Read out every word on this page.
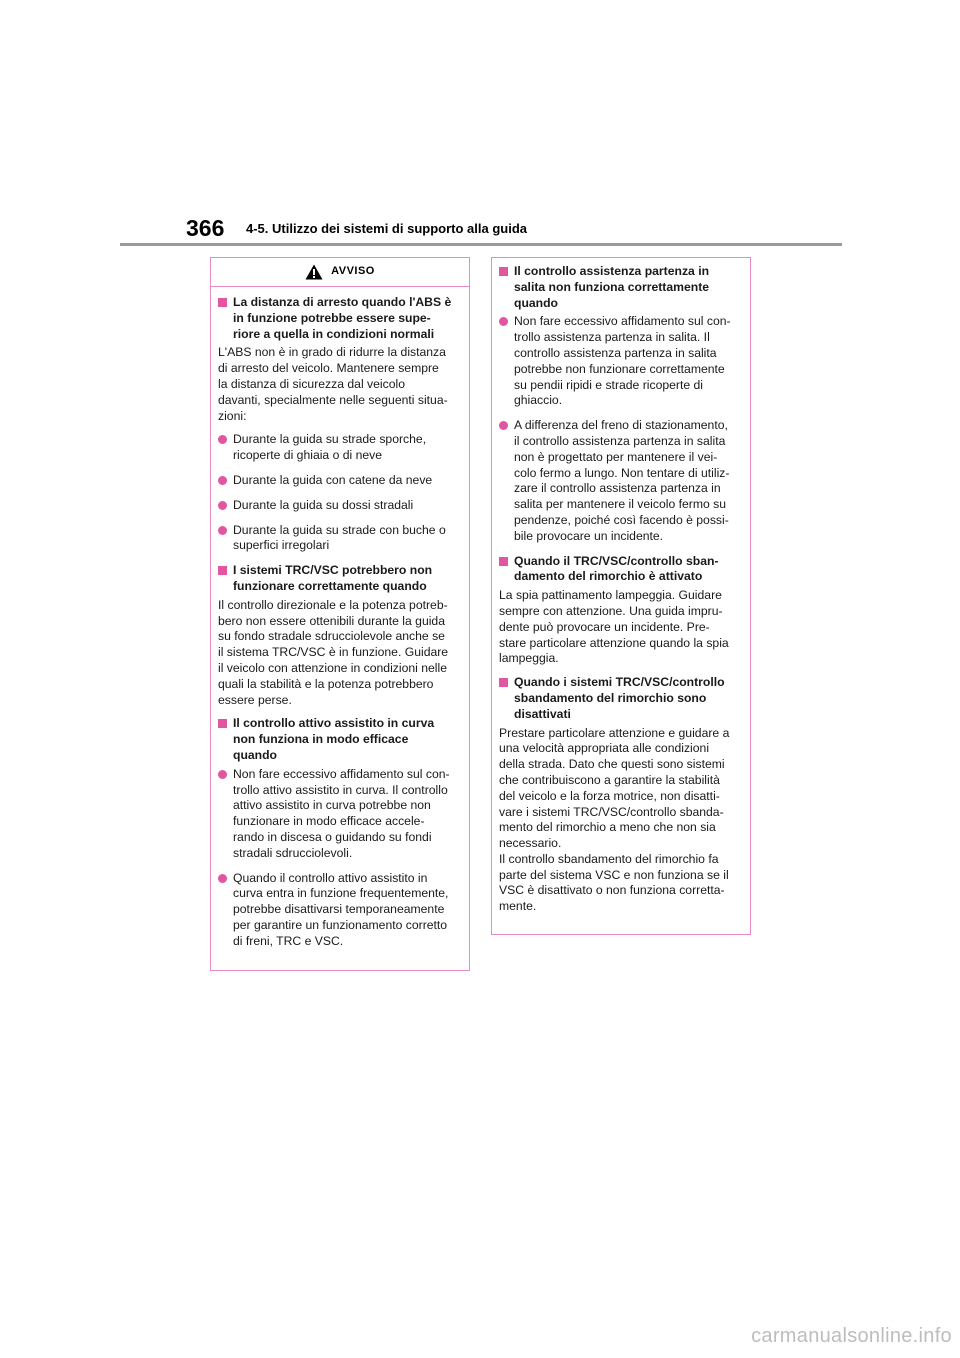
366 4-5. Utilizzo dei sistemi di supporto alla guida
AVVISO
La distanza di arresto quando l'ABS è
in funzione potrebbe essere supe-
riore a quella in condizioni normali
L'ABS non è in grado di ridurre la distanza
di arresto del veicolo. Mantenere sempre
la distanza di sicurezza dal veicolo
davanti, specialmente nelle seguenti situa-
zioni:
Durante la guida su strade sporche,
ricoperte di ghiaia o di neve
Durante la guida con catene da neve
Durante la guida su dossi stradali
Durante la guida su strade con buche o
superfici irregolari
I sistemi TRC/VSC potrebbero non
funzionare correttamente quando
Il controllo direzionale e la potenza potreb-
bero non essere ottenibili durante la guida
su fondo stradale sdrucciolevole anche se
il sistema TRC/VSC è in funzione. Guidare
il veicolo con attenzione in condizioni nelle
quali la stabilità e la potenza potrebbero
essere perse.
Il controllo attivo assistito in curva
non funziona in modo efficace
quando
Non fare eccessivo affidamento sul con-
trollo attivo assistito in curva. Il controllo
attivo assistito in curva potrebbe non
funzionare in modo efficace accele-
rando in discesa o guidando su fondi
stradali sdrucciolevoli.
Quando il controllo attivo assistito in
curva entra in funzione frequentemente,
potrebbe disattivarsi temporaneamente
per garantire un funzionamento corretto
di freni, TRC e VSC.
Il controllo assistenza partenza in
salita non funziona correttamente
quando
Non fare eccessivo affidamento sul con-
trollo assistenza partenza in salita. Il
controllo assistenza partenza in salita
potrebbe non funzionare correttamente
su pendii ripidi e strade ricoperte di
ghiaccio.
A differenza del freno di stazionamento,
il controllo assistenza partenza in salita
non è progettato per mantenere il vei-
colo fermo a lungo. Non tentare di utiliz-
zare il controllo assistenza partenza in
salita per mantenere il veicolo fermo su
pendenze, poiché così facendo è possi-
bile provocare un incidente.
Quando il TRC/VSC/controllo sban-
damento del rimorchio è attivato
La spia pattinamento lampeggia. Guidare
sempre con attenzione. Una guida impru-
dente può provocare un incidente. Pre-
stare particolare attenzione quando la spia
lampeggia.
Quando i sistemi TRC/VSC/controllo
sbandamento del rimorchio sono
disattivati
Prestare particolare attenzione e guidare a
una velocità appropriata alle condizioni
della strada. Dato che questi sono sistemi
che contribuiscono a garantire la stabilità
del veicolo e la forza motrice, non disatti-
vare i sistemi TRC/VSC/controllo sbanda-
mento del rimorchio a meno che non sia
necessario.
Il controllo sbandamento del rimorchio fa
parte del sistema VSC e non funziona se il
VSC è disattivato o non funziona corretta-
mente.
carmanualsonline.info
